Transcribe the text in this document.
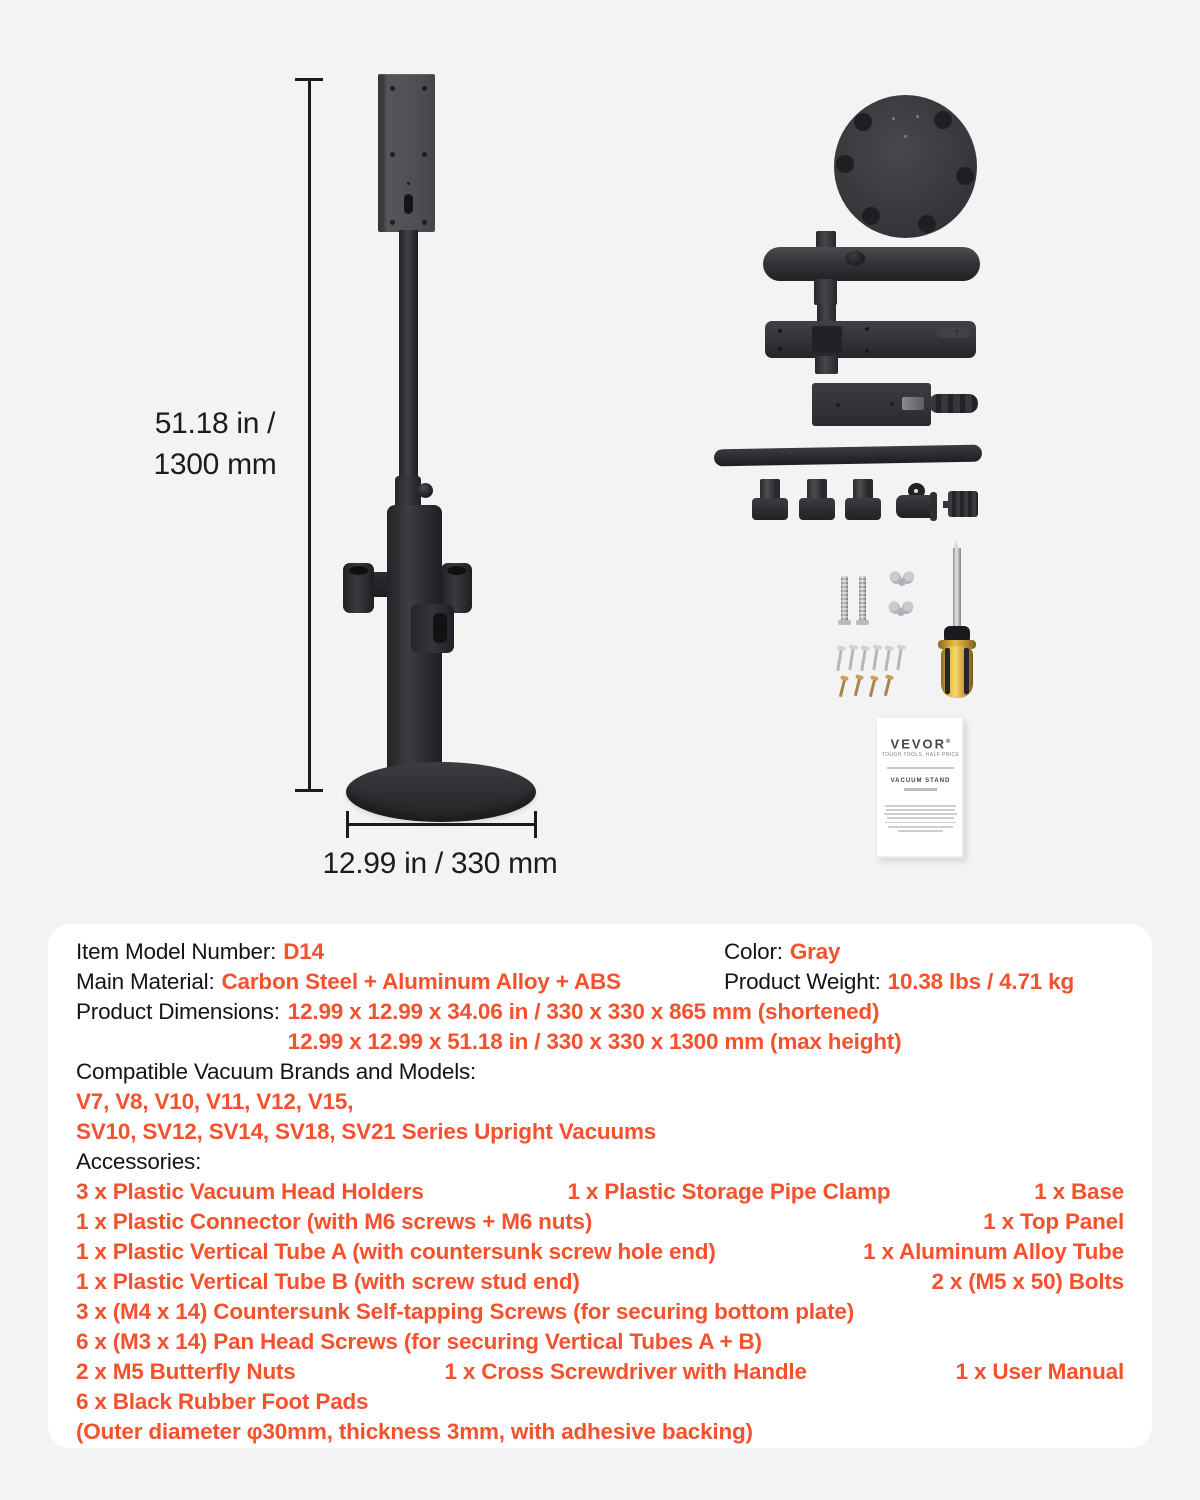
51.18 in /
1300 mm
12.99 in / 330 mm
VEVOR®
TOUGH TOOLS, HALF PRICE
VACUUM STAND
Item Model Number: D14	Color: Gray
Main Material: Carbon Steel + Aluminum Alloy + ABS	Product Weight: 10.38 lbs / 4.71 kg
Product Dimensions: 12.99 x 12.99 x 34.06 in / 330 x 330 x 865 mm (shortened)
12.99 x 12.99 x 51.18 in / 330 x 330 x 1300 mm (max height)
Compatible Vacuum Brands and Models:
V7, V8, V10, V11, V12, V15,
SV10, SV12, SV14, SV18, SV21 Series Upright Vacuums
Accessories:
3 x Plastic Vacuum Head Holders	1 x Plastic Storage Pipe Clamp	1 x Base
1 x Plastic Connector (with M6 screws + M6 nuts)	1 x Top Panel
1 x Plastic Vertical Tube A (with countersunk screw hole end)	1 x Aluminum Alloy Tube
1 x Plastic Vertical Tube B (with screw stud end)	2 x (M5 x 50) Bolts
3 x (M4 x 14) Countersunk Self-tapping Screws (for securing bottom plate)
6 x (M3 x 14) Pan Head Screws (for securing Vertical Tubes A + B)
2 x M5 Butterfly Nuts	1 x Cross Screwdriver with Handle	1 x User Manual
6 x Black Rubber Foot Pads
(Outer diameter φ30mm, thickness 3mm, with adhesive backing)
